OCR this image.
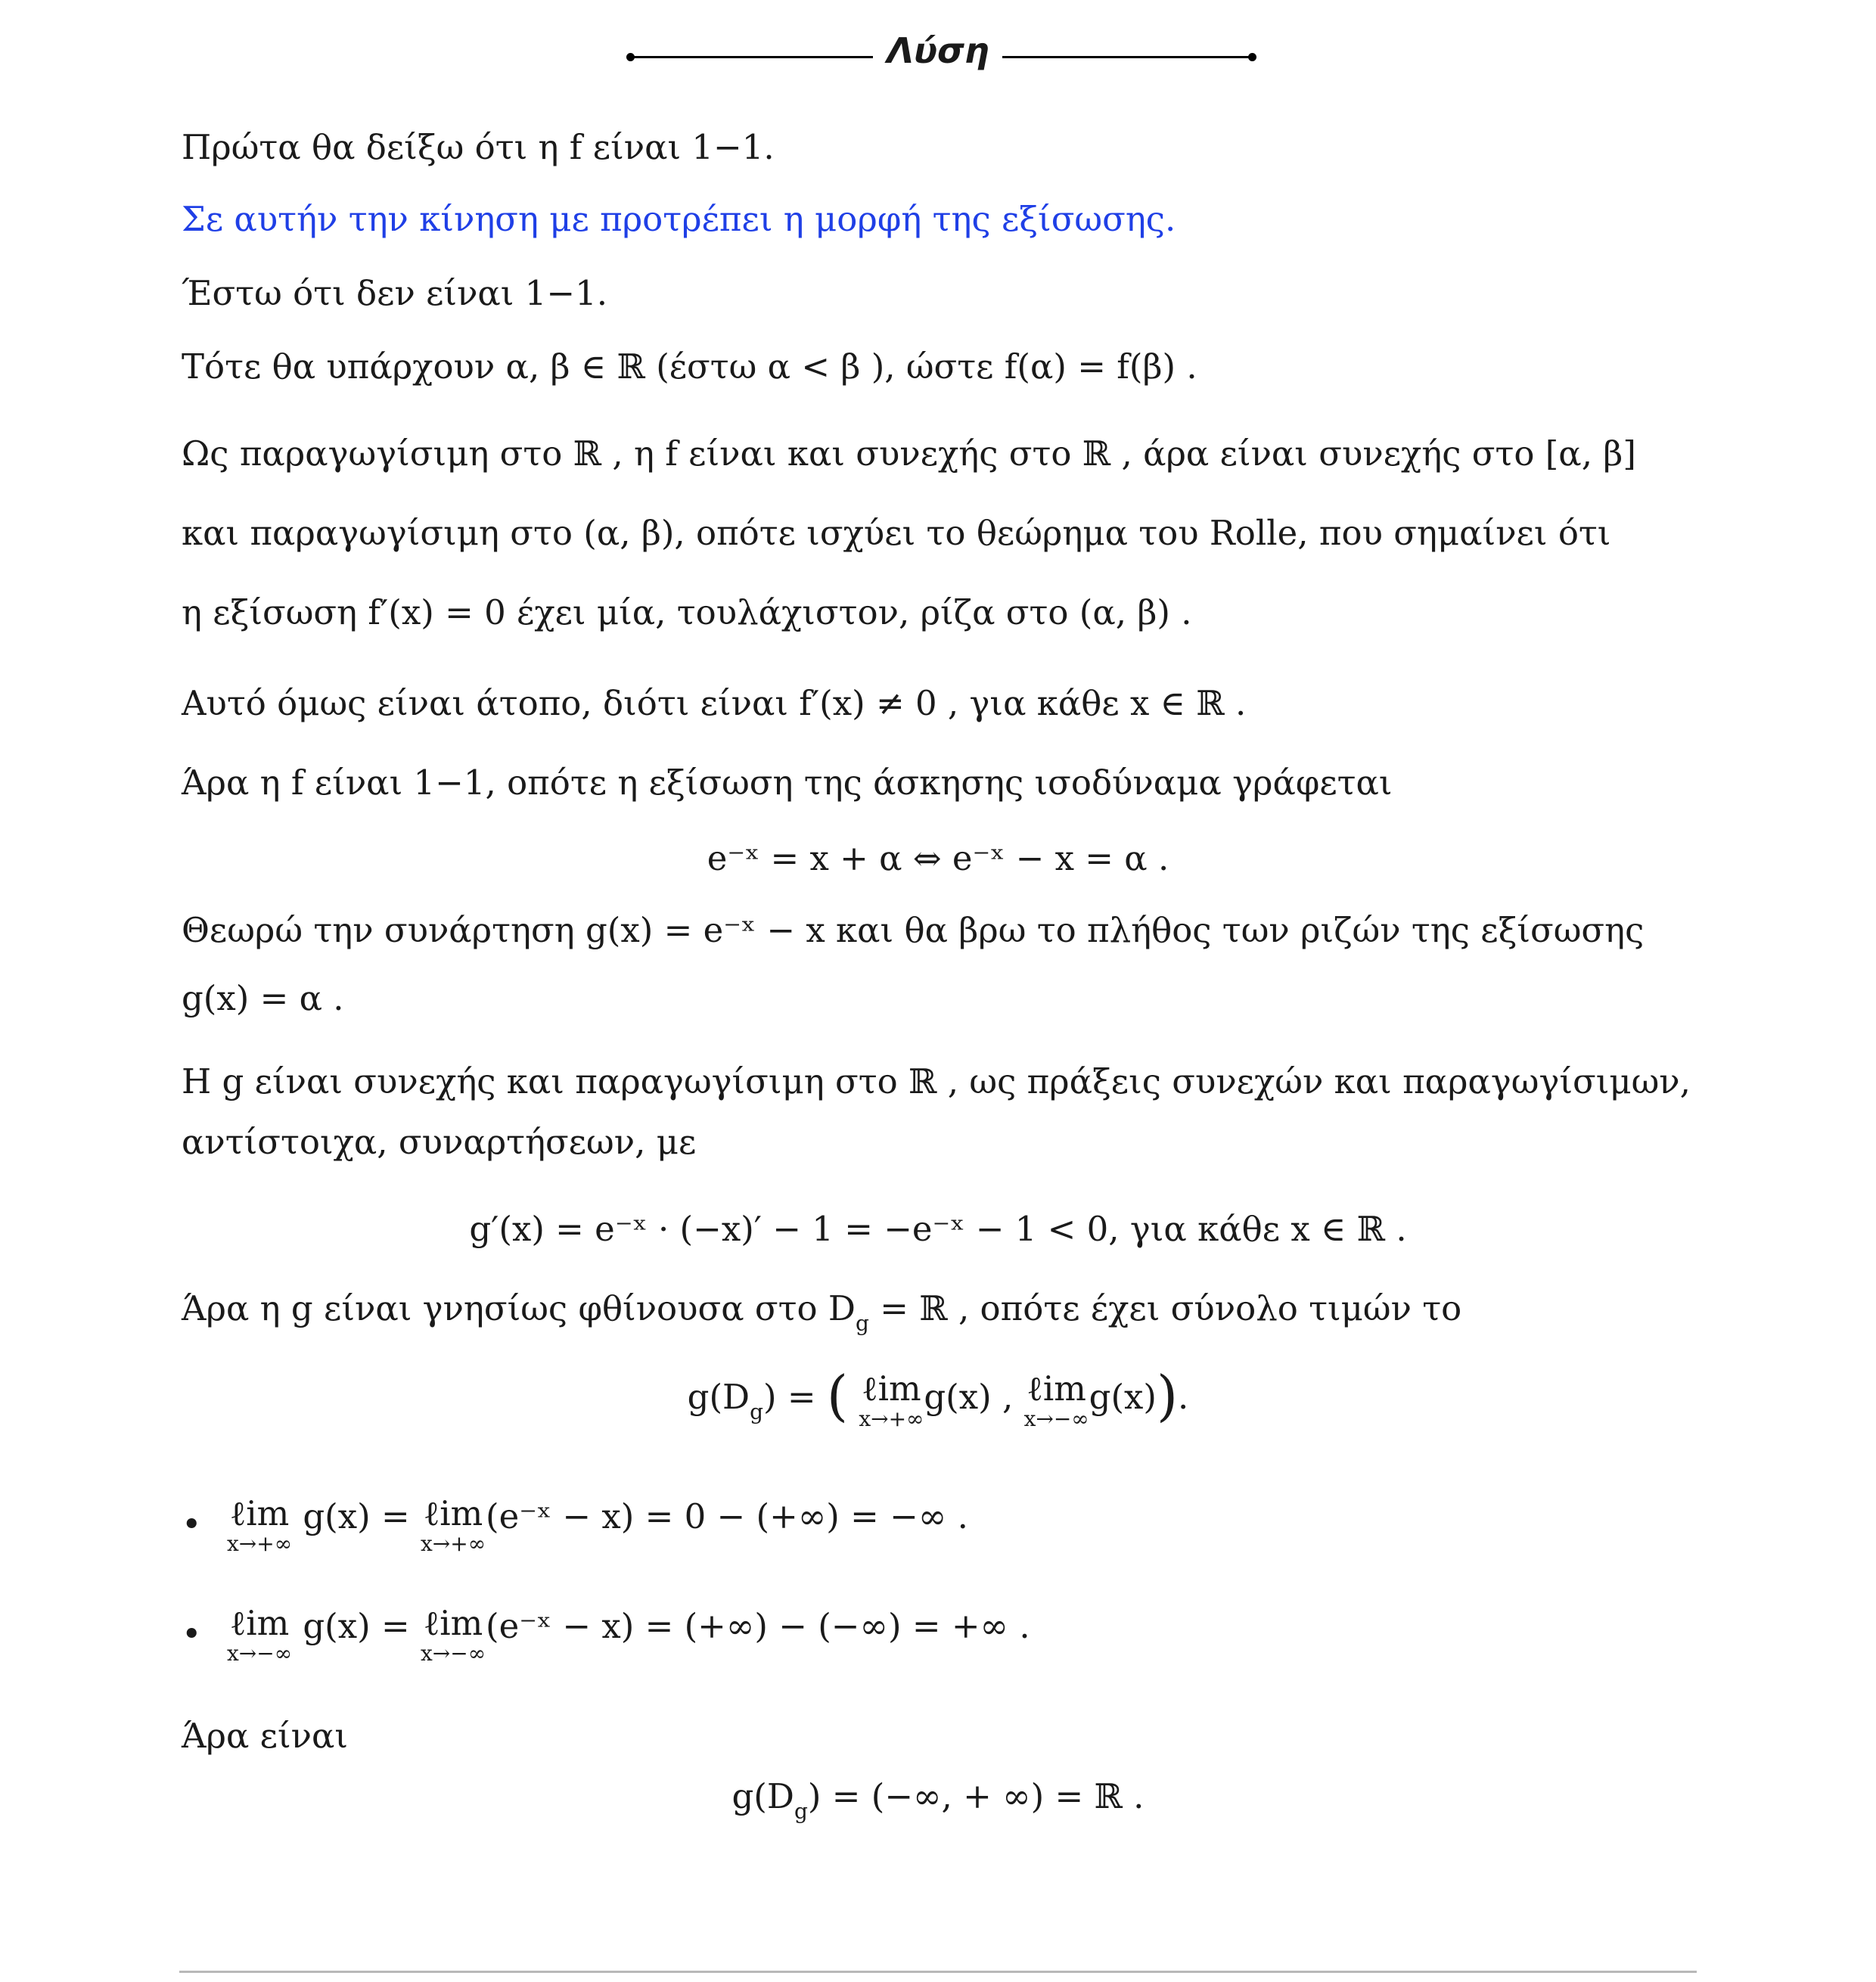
Λύση
Πρώτα θα δείξω ότι η f είναι 1−1.
Σε αυτήν την κίνηση με προτρέπει η μορφή της εξίσωσης.
Έστω ότι δεν είναι 1−1.
Τότε θα υπάρχουν α, β ∈ ℝ (έστω α < β ), ώστε f(α) = f(β) .
Ως παραγωγίσιμη στο ℝ , η f είναι και συνεχής στο ℝ , άρα είναι συνεχής στο [α, β]
και παραγωγίσιμη στο (α, β), οπότε ισχύει το θεώρημα του Rolle, που σημαίνει ότι
η εξίσωση f′(x) = 0 έχει μία, τουλάχιστον, ρίζα στο (α, β) .
Αυτό όμως είναι άτοπο, διότι είναι f′(x) ≠ 0 , για κάθε x ∈ ℝ .
Άρα η f είναι 1−1, οπότε η εξίσωση της άσκησης ισοδύναμα γράφεται
e⁻ˣ = x + α ⇔ e⁻ˣ − x = α .
Θεωρώ την συνάρτηση g(x) = e⁻ˣ − x και θα βρω το πλήθος των ριζών της εξίσωσης
g(x) = α .
Η g είναι συνεχής και παραγωγίσιμη στο ℝ , ως πράξεις συνεχών και παραγωγίσιμων,
αντίστοιχα, συναρτήσεων, με
g′(x) = e⁻ˣ · (−x)′ − 1 = −e⁻ˣ − 1 < 0, για κάθε x ∈ ℝ .
Άρα η g είναι γνησίως φθίνουσα στο $D_g$ = ℝ , οπότε έχει σύνολο τιμών το
$g(D_g)$ = ( ℓim
x→+∞
g(x) , ℓim
x→−∞
g(x)).
• ℓim
x→+∞
g(x) = ℓim
x→+∞
(e⁻ˣ − x) = 0 − (+∞) = −∞ .
• ℓim
x→−∞
g(x) = ℓim
x→−∞
(e⁻ˣ − x) = (+∞) − (−∞) = +∞ .
Άρα είναι
$g(D_g)$ = (−∞, + ∞) = ℝ .
